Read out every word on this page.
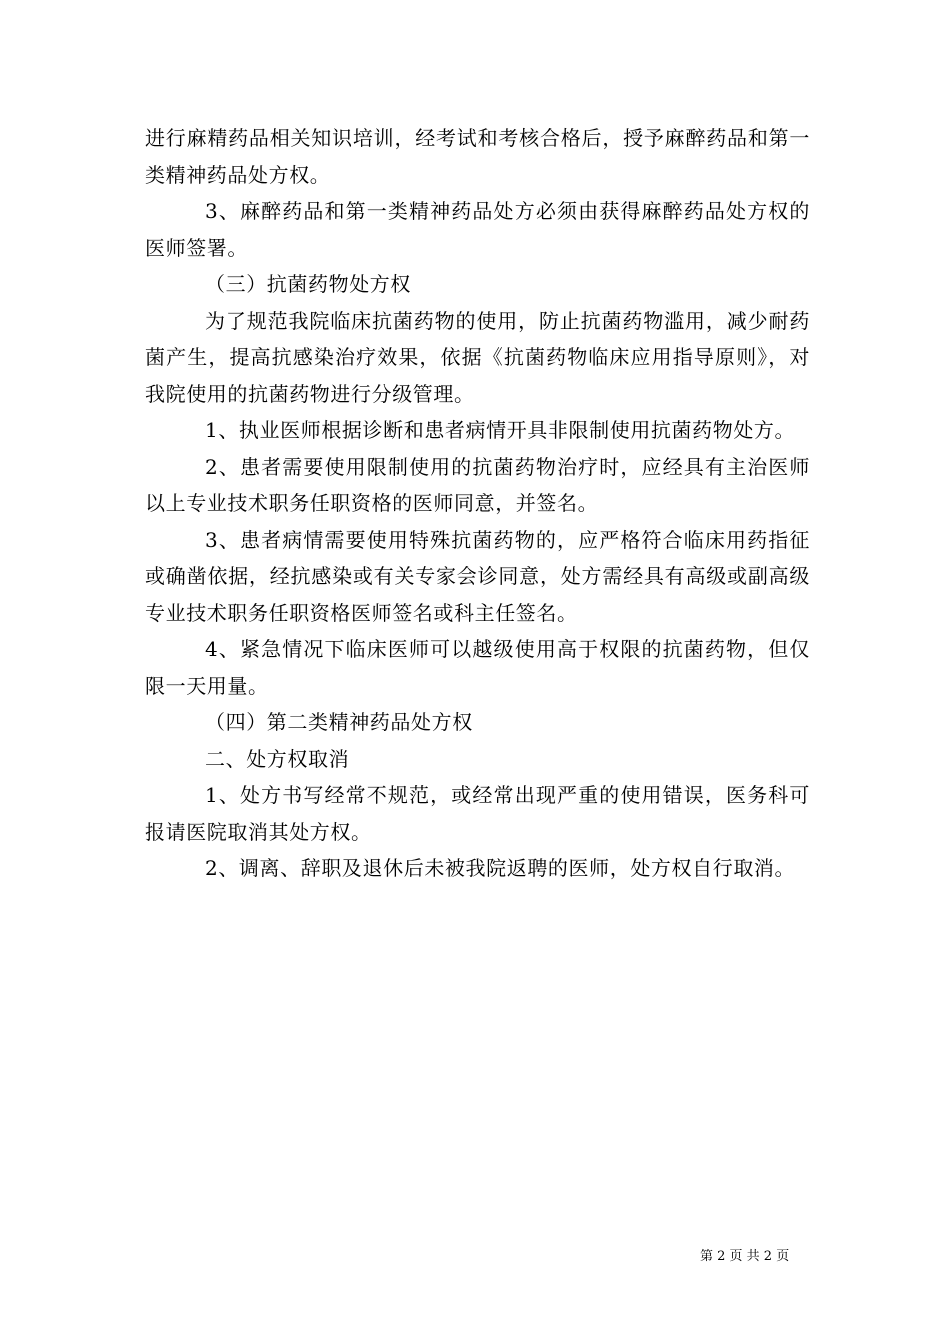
进行麻精药品相关知识培训，经考试和考核合格后，授予麻醉药品和第一类精神药品处方权。

3、麻醉药品和第一类精神药品处方必须由获得麻醉药品处方权的医师签署。

（三）抗菌药物处方权

为了规范我院临床抗菌药物的使用，防止抗菌药物滥用，减少耐药菌产生，提高抗感染治疗效果，依据《抗菌药物临床应用指导原则》，对我院使用的抗菌药物进行分级管理。

1、执业医师根据诊断和患者病情开具非限制使用抗菌药物处方。

2、患者需要使用限制使用的抗菌药物治疗时，应经具有主治医师以上专业技术职务任职资格的医师同意，并签名。

3、患者病情需要使用特殊抗菌药物的，应严格符合临床用药指征或确凿依据，经抗感染或有关专家会诊同意，处方需经具有高级或副高级专业技术职务任职资格医师签名或科主任签名。

4、紧急情况下临床医师可以越级使用高于权限的抗菌药物，但仅限一天用量。

（四）第二类精神药品处方权

二、处方权取消

1、处方书写经常不规范，或经常出现严重的使用错误，医务科可报请医院取消其处方权。

2、调离、辞职及退休后未被我院返聘的医师，处方权自行取消。

第 2 页 共 2 页
